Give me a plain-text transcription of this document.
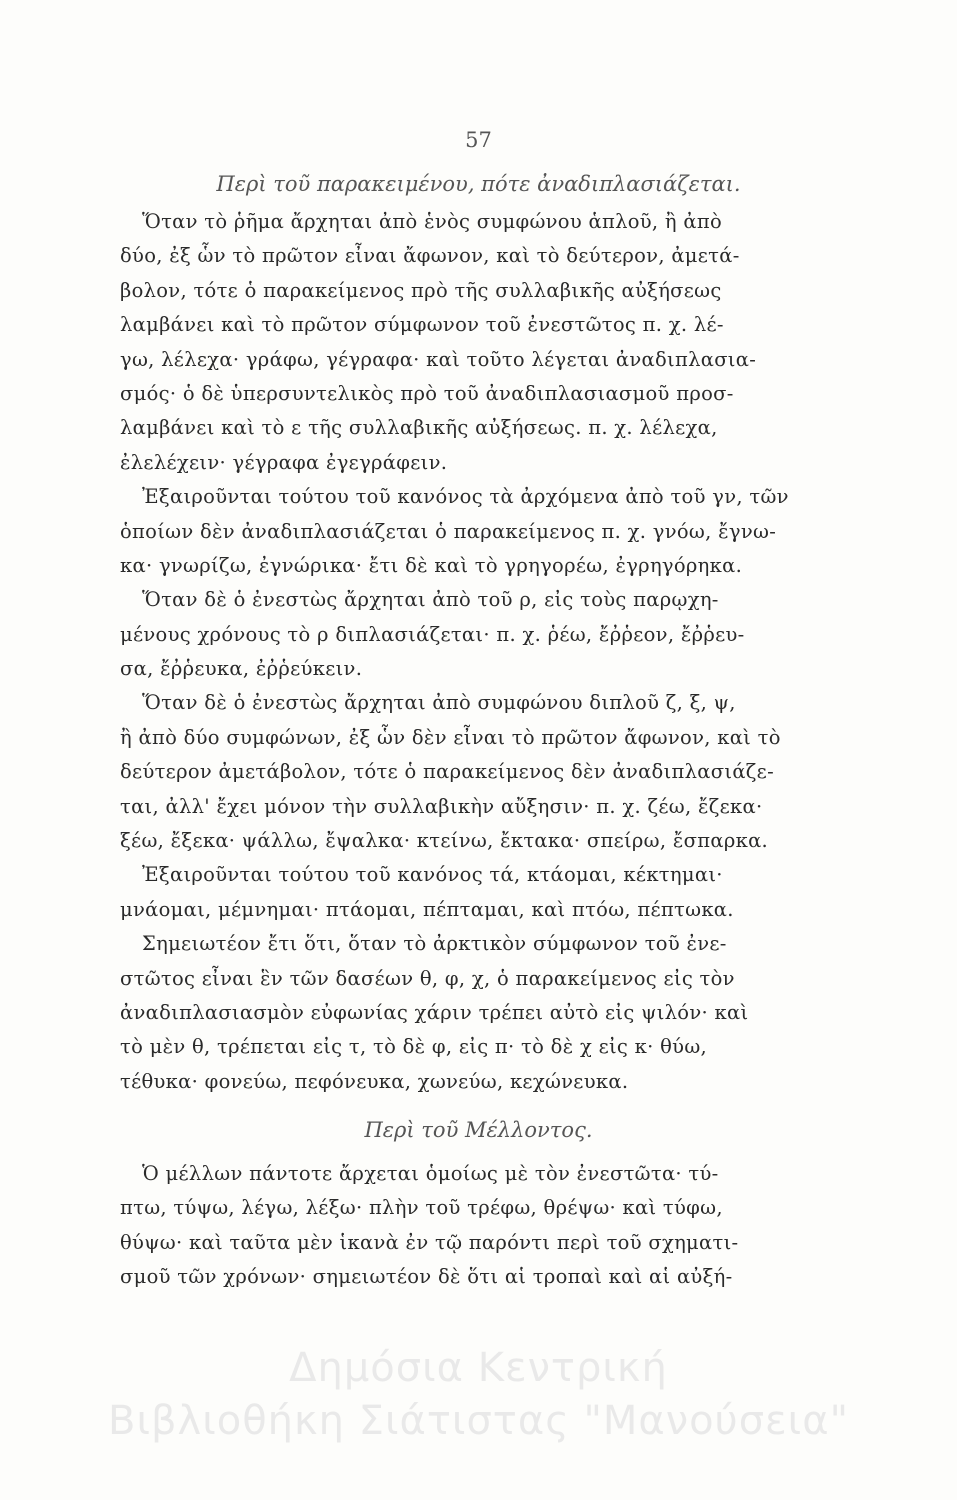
57
Περὶ τοῦ παρακειμένου, πότε ἀναδιπλασιάζεται.
Ὅταν τὸ ῥῆμα ἄρχηται ἀπὸ ἑνὸς συμφώνου ἁπλοῦ, ἢ ἀπὸ
δύο, ἐξ ὧν τὸ πρῶτον εἶναι ἄφωνον, καὶ τὸ δεύτερον, ἀμετά-
βολον, τότε ὁ παρακείμενος πρὸ τῆς συλλαβικῆς αὐξήσεως
λαμβάνει καὶ τὸ πρῶτον σύμφωνον τοῦ ἐνεστῶτος π. χ. λέ-
γω, λέλεχα· γράφω, γέγραφα· καὶ τοῦτο λέγεται ἀναδιπλασια-
σμός· ὁ δὲ ὑπερσυντελικὸς πρὸ τοῦ ἀναδιπλασιασμοῦ προσ-
λαμβάνει καὶ τὸ ε τῆς συλλαβικῆς αὐξήσεως. π. χ. λέλεχα,
ἐλελέχειν· γέγραφα ἐγεγράφειν.
Ἐξαιροῦνται τούτου τοῦ κανόνος τὰ ἀρχόμενα ἀπὸ τοῦ γν, τῶν
ὁποίων δὲν ἀναδιπλασιάζεται ὁ παρακείμενος π. χ. γνόω, ἔγνω-
κα· γνωρίζω, ἐγνώρικα· ἔτι δὲ καὶ τὸ γρηγορέω, ἐγρηγόρηκα.
Ὅταν δὲ ὁ ἐνεστὼς ἄρχηται ἀπὸ τοῦ ρ, εἰς τοὺς παρῳχη-
μένους χρόνους τὸ ρ διπλασιάζεται· π. χ. ῥέω, ἔῤῥεον, ἔῤῥευ-
σα, ἔῤῥευκα, ἐῤῥεύκειν.
Ὅταν δὲ ὁ ἐνεστὼς ἄρχηται ἀπὸ συμφώνου διπλοῦ ζ, ξ, ψ,
ἢ ἀπὸ δύο συμφώνων, ἐξ ὧν δὲν εἶναι τὸ πρῶτον ἄφωνον, καὶ τὸ
δεύτερον ἀμετάβολον, τότε ὁ παρακείμενος δὲν ἀναδιπλασιάζε-
ται, ἀλλ' ἔχει μόνον τὴν συλλαβικὴν αὔξησιν· π. χ. ζέω, ἔζεκα·
ξέω, ἔξεκα· ψάλλω, ἔψαλκα· κτείνω, ἔκτακα· σπείρω, ἔσπαρκα.
Ἐξαιροῦνται τούτου τοῦ κανόνος τά, κτάομαι, κέκτημαι·
μνάομαι, μέμνημαι· πτάομαι, πέπταμαι, καὶ πτόω, πέπτωκα.
Σημειωτέον ἔτι ὅτι, ὅταν τὸ ἀρκτικὸν σύμφωνον τοῦ ἐνε-
στῶτος εἶναι ἓν τῶν δασέων θ, φ, χ, ὁ παρακείμενος εἰς τὸν
ἀναδιπλασιασμὸν εὐφωνίας χάριν τρέπει αὐτὸ εἰς ψιλόν· καὶ
τὸ μὲν θ, τρέπεται εἰς τ, τὸ δὲ φ, εἰς π· τὸ δὲ χ εἰς κ· θύω,
τέθυκα· φονεύω, πεφόνευκα, χωνεύω, κεχώνευκα.
Περὶ τοῦ Μέλλοντος.
Ὁ μέλλων πάντοτε ἄρχεται ὁμοίως μὲ τὸν ἐνεστῶτα· τύ-
πτω, τύψω, λέγω, λέξω· πλὴν τοῦ τρέφω, θρέψω· καὶ τύφω,
θύψω· καὶ ταῦτα μὲν ἱκανὰ ἐν τῷ παρόντι περὶ τοῦ σχηματι-
σμοῦ τῶν χρόνων· σημειωτέον δὲ ὅτι αἱ τροπαὶ καὶ αἱ αὐξή-
Δημόσια Κεντρική
Βιβλιοθήκη Σιάτιστας "Μανούσεια"
